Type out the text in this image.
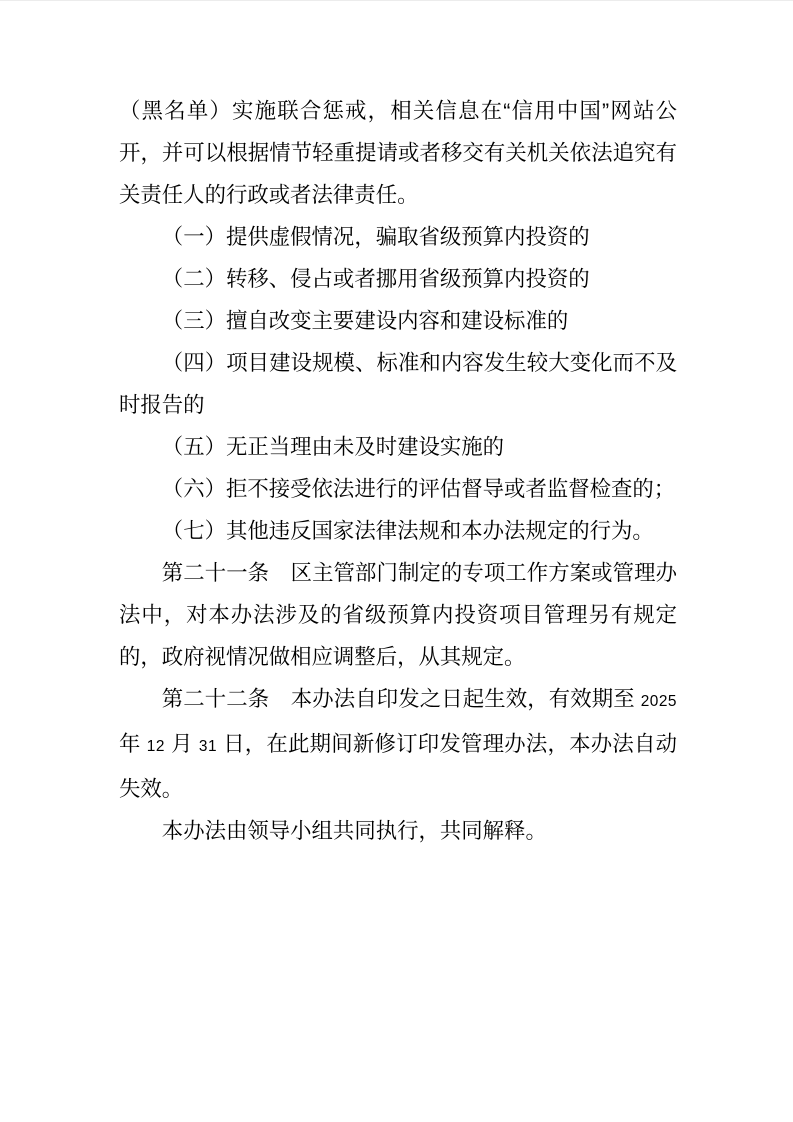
（黑名单）实施联合惩戒，相关信息在“信用中国”网站公开，并可以根据情节轻重提请或者移交有关机关依法追究有关责任人的行政或者法律责任。

（一）提供虚假情况，骗取省级预算内投资的

（二）转移、侵占或者挪用省级预算内投资的

（三）擅自改变主要建设内容和建设标准的

（四）项目建设规模、标准和内容发生较大变化而不及时报告的

（五）无正当理由未及时建设实施的

（六）拒不接受依法进行的评估督导或者监督检查的；

（七）其他违反国家法律法规和本办法规定的行为。

第二十一条　区主管部门制定的专项工作方案或管理办法中，对本办法涉及的省级预算内投资项目管理另有规定的，政府视情况做相应调整后，从其规定。

第二十二条　本办法自印发之日起生效，有效期至 2025 年 12 月 31 日，在此期间新修订印发管理办法，本办法自动失效。

本办法由领导小组共同执行，共同解释。
